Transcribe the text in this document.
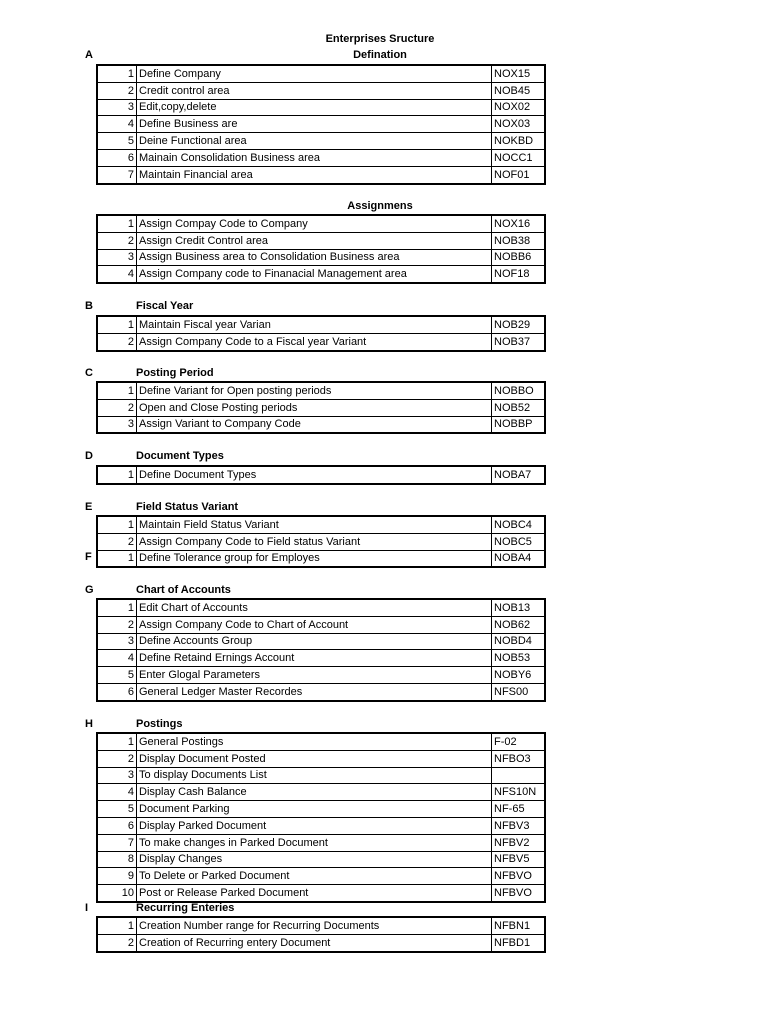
Enterprises Sructure
A	Defination
1	Define Company	NOX15
2	Credit control area	NOB45
3	Edit,copy,delete	NOX02
4	Define Business are	NOX03
5	Deine Functional area	NOKBD
6	Mainain Consolidation Business area	NOCC1
7	Maintain Financial area	NOF01
Assignmens
1	Assign Compay Code to Company	NOX16
2	Assign Credit Control area	NOB38
3	Assign Business area to Consolidation Business area	NOBB6
4	Assign Company code to Finanacial Management area	NOF18
B	Fiscal Year
1	Maintain Fiscal year Varian	NOB29
2	Assign Company Code to a Fiscal year Variant	NOB37
C	Posting Period
1	Define Variant for Open posting periods	NOBBO
2	Open and Close Posting periods	NOB52
3	Assign Variant to Company Code	NOBBP
D	Document Types
1	Define Document Types	NOBA7
E
F
Field Status Variant
1	Maintain Field Status Variant	NOBC4
2	Assign Company Code to Field status Variant	NOBC5
1	Define Tolerance group for Employes	NOBA4
G	Chart of Accounts
1	Edit Chart of Accounts	NOB13
2	Assign Company Code to Chart of Account	NOB62
3	Define Accounts Group	NOBD4
4	Define Retaind Ernings Account	NOB53
5	Enter Glogal Parameters	NOBY6
6	General Ledger Master Recordes	NFS00
H	Postings
1	General Postings	F-02
2	Display Document Posted	NFBO3
3	To display Documents List	
4	Display Cash Balance	NFS10N
5	Document Parking	NF-65
6	Display Parked Document	NFBV3
7	To make changes in Parked Document	NFBV2
8	Display Changes	NFBV5
9	To Delete or Parked Document	NFBVO
10	Post or Release Parked Document	NFBVO
I	Recurring Enteries
1	Creation Number range for Recurring Documents	NFBN1
2	Creation of Recurring entery Document	NFBD1
